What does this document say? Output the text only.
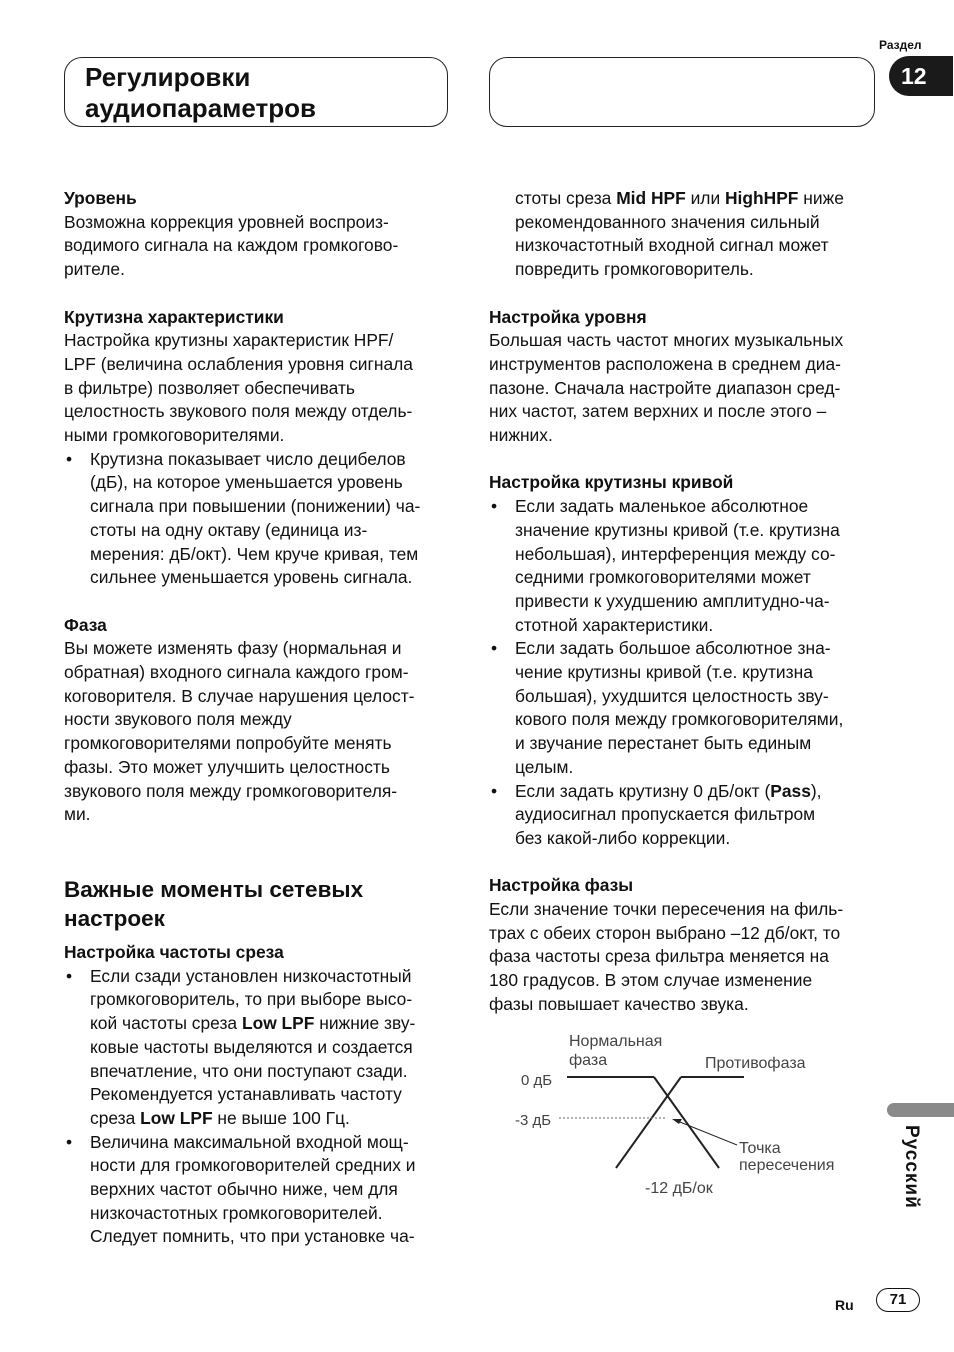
Раздел
12
Регулировки
аудиопараметров

Уровень

Возможна коррекция уровней воспроиз-

водимого сигнала на каждом громкогово-

рителе.

Крутизна характеристики

Настройка крутизны характеристик HPF/

LPF (величина ослабления уровня сигнала

в фильтре) позволяет обеспечивать

целостность звукового поля между отдель-

ными громкоговорителями.

• Крутизна показывает число децибелов
(дБ), на которое уменьшается уровень
сигнала при повышении (понижении) ча-
стоты на одну октаву (единица из-
мерения: дБ/окт). Чем круче кривая, тем
сильнее уменьшается уровень сигнала.

Фаза

Вы можете изменять фазу (нормальная и

обратная) входного сигнала каждого гром-

коговорителя. В случае нарушения целост-

ности звукового поля между

громкоговорителями попробуйте менять

фазы. Это может улучшить целостность

звукового поля между громкоговорителя-

ми.

Важные моменты сетевых

настроек

Настройка частоты среза

• Если сзади установлен низкочастотный
громкоговоритель, то при выборе высо-
кой частоты среза Low LPF нижние зву-
ковые частоты выделяются и создается
впечатление, что они поступают сзади.
Рекомендуется устанавливать частоту
среза Low LPF не выше 100 Гц.
• Величина максимальной входной мощ-
ности для громкоговорителей средних и
верхних частот обычно ниже, чем для
низкочастотных громкоговорителей.
Следует помнить, что при установке ча-
стоты среза Mid HPF или HighHPF ниже
рекомендованного значения сильный
низкочастотный входной сигнал может
повредить громкоговоритель.

Настройка уровня

Большая часть частот многих музыкальных

инструментов расположена в среднем диа-

пазоне. Сначала настройте диапазон сред-

них частот, затем верхних и после этого –

нижних.

Настройка крутизны кривой

• Если задать маленькое абсолютное
значение крутизны кривой (т.е. крутизна
небольшая), интерференция между со-
седними громкоговорителями может
привести к ухудшению амплитудно-ча-
стотной характеристики.
• Если задать большое абсолютное зна-
чение крутизны кривой (т.е. крутизна
большая), ухудшится целостность зву-
кового поля между громкоговорителями,
и звучание перестанет быть единым
целым.
• Если задать крутизну 0 дБ/окт (Pass),
аудиосигнал пропускается фильтром
без какой-либо коррекции.

Настройка фазы

Если значение точки пересечения на филь-

трах с обеих сторон выбрано –12 дб/окт, то

фаза частоты среза фильтра меняется на

180 градусов. В этом случае изменение

фазы повышает качество звука.

Нормальная
фаза	Противофаза
0 дБ
-3 дБ
Точка
пересечения
-12 дБ/ок	Русский
Ru	71
